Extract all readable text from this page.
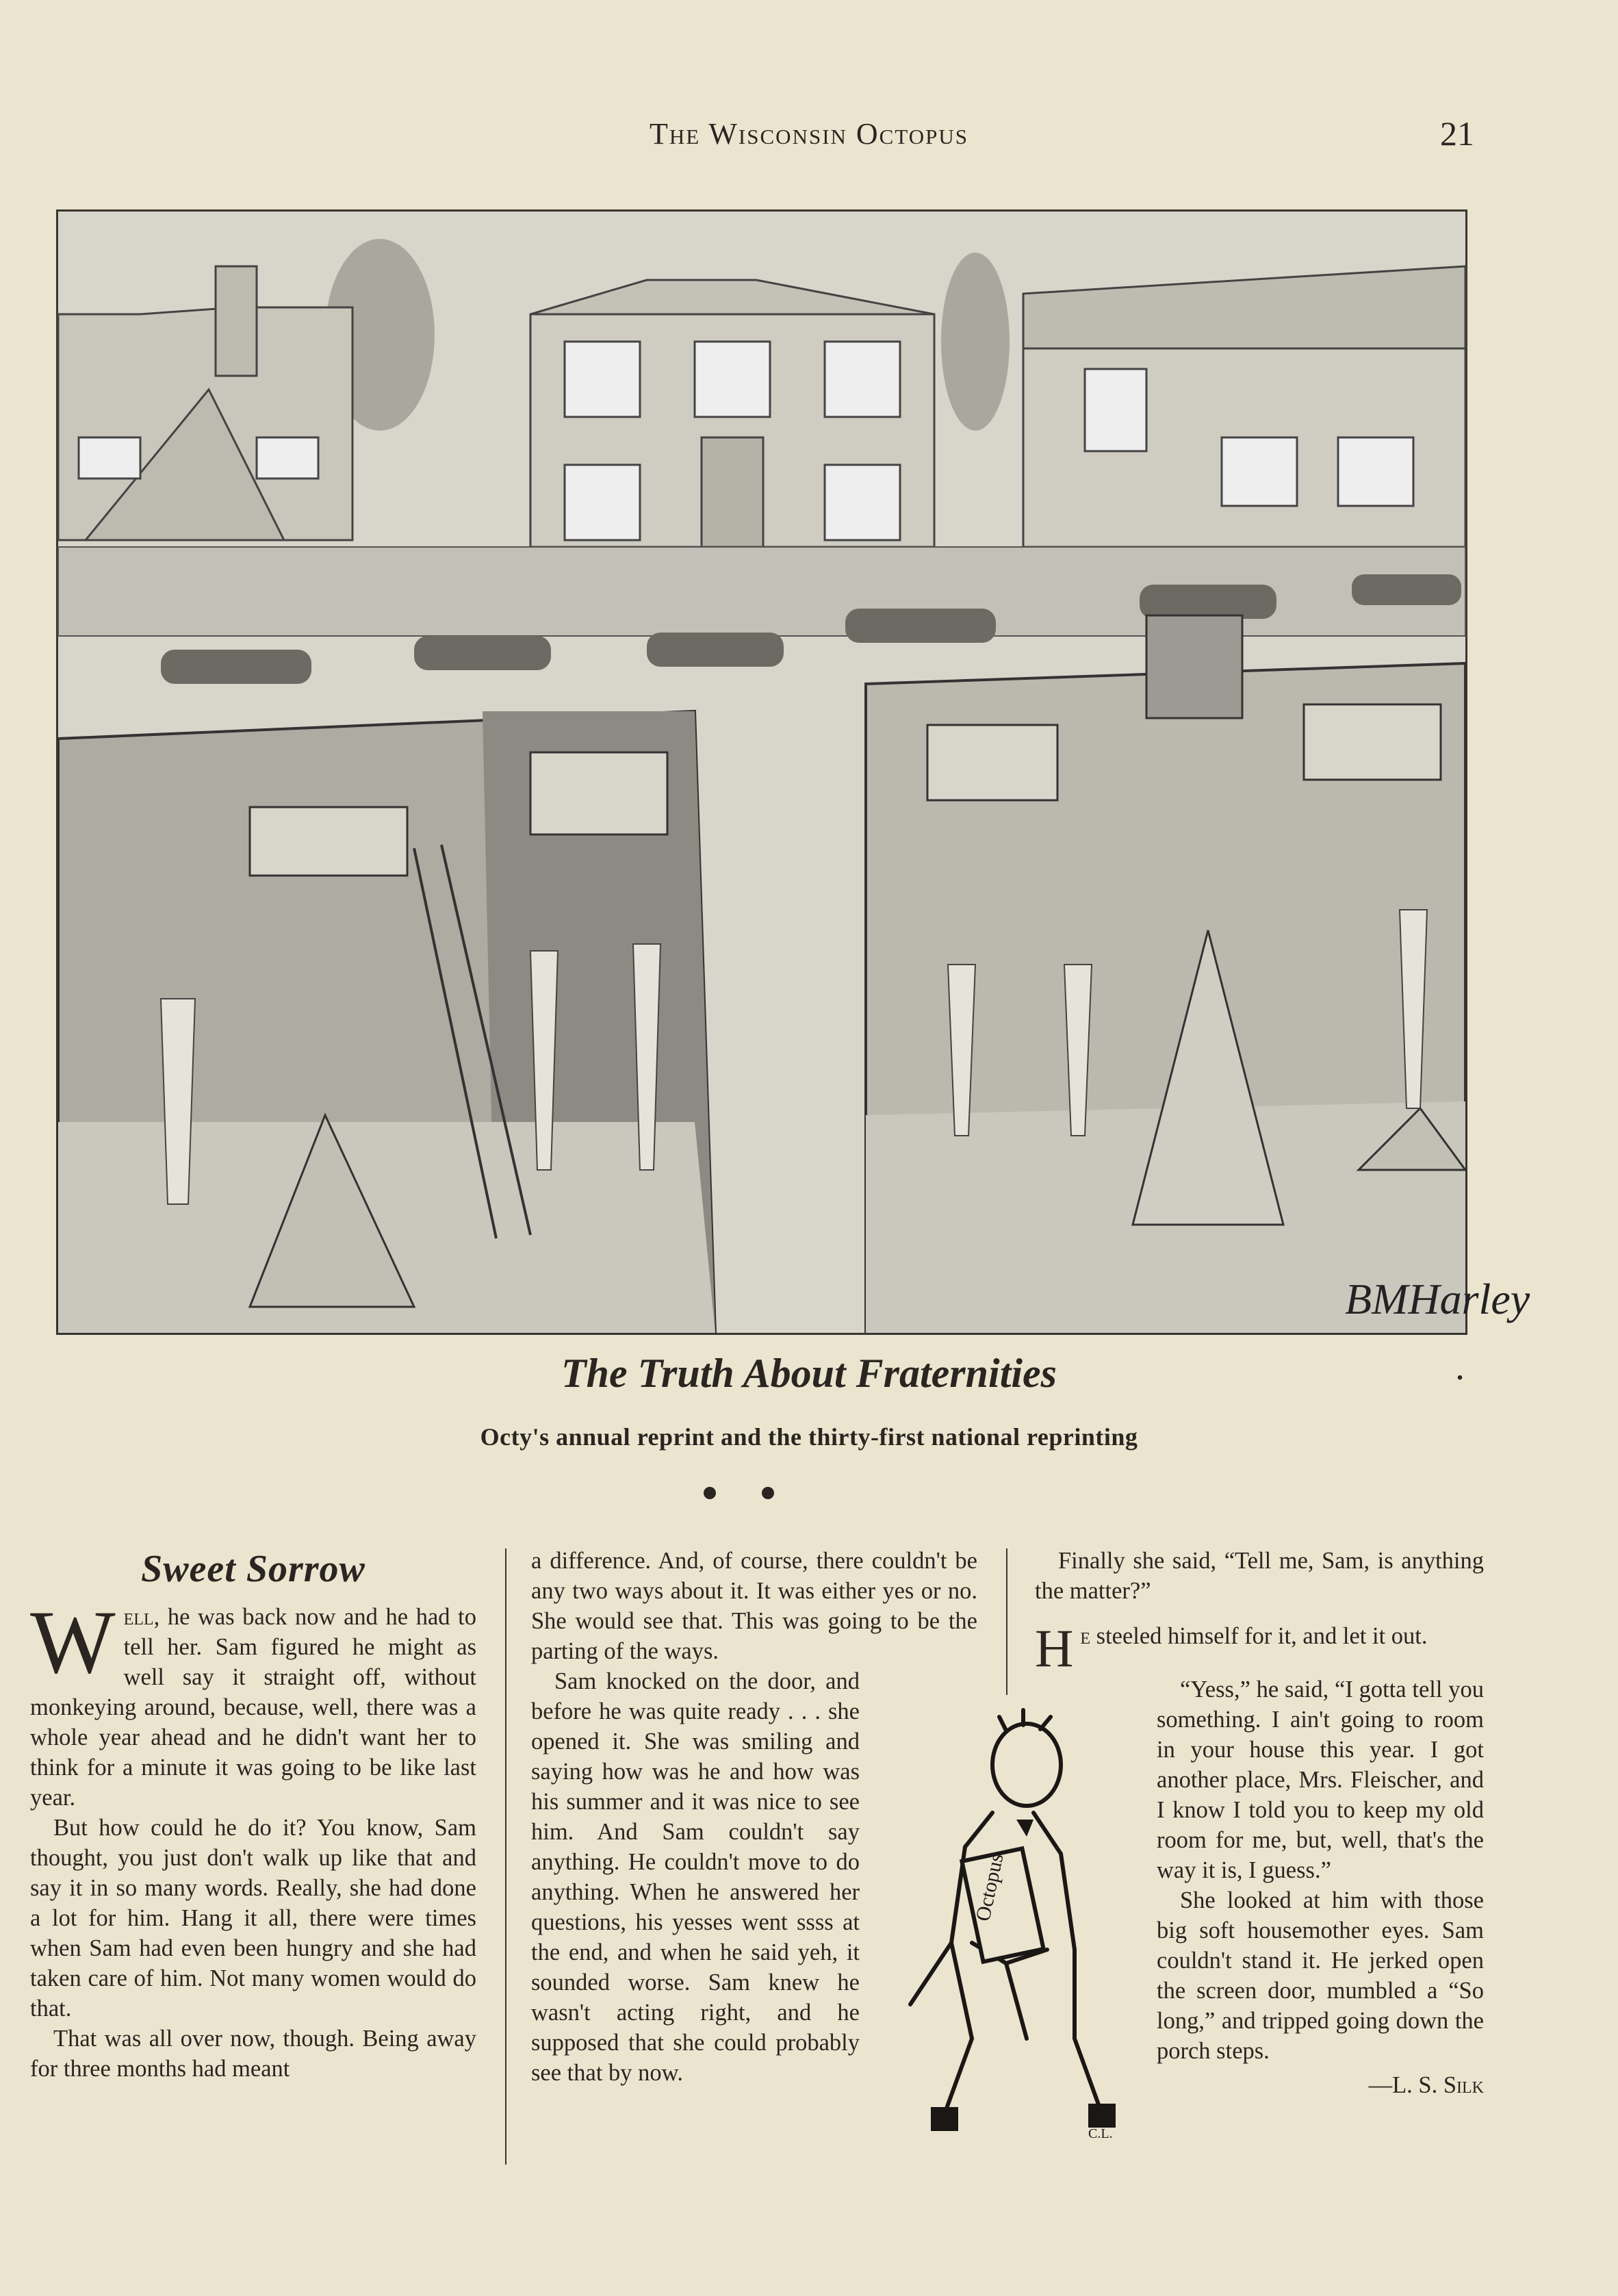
The Wisconsin Octopus	21
BMHarley
The Truth About Fraternities	.
Octy's annual reprint and the thirty-first national reprinting
Sweet Sorrow

Well, he was back now and he had to tell her. Sam figured he might as well say it straight off, without monkeying around, because, well, there was a whole year ahead and he didn't want her to think for a minute it was going to be like last year.

But how could he do it? You know, Sam thought, you just don't walk up like that and say it in so many words. Really, she had done a lot for him. Hang it all, there were times when Sam had even been hungry and she had taken care of him. Not many women would do that.

That was all over now, though. Being away for three months had meant

a difference. And, of course, there couldn't be any two ways about it. It was either yes or no. She would see that. This was going to be the parting of the ways.

Sam knocked on the door, and before he was quite ready . . . she opened it. She was smiling and saying how was he and how was his summer and it was nice to see him. And Sam couldn't say anything. He couldn't move to do anything. When he answered her questions, his yesses went ssss at the end, and when he said yeh, it sounded worse. Sam knew he wasn't acting right, and he supposed that she could probably see that by now.

Octopus
C.L.

Finally she said, “Tell me, Sam, is anything the matter?”

He steeled himself for it, and let it out.

“Yess,” he said, “I gotta tell you something. I ain't going to room in your house this year. I got another place, Mrs. Fleischer, and I know I told you to keep my old room for me, but, well, that's the way it is, I guess.”

She looked at him with those big soft housemother eyes. Sam couldn't stand it. He jerked open the screen door, mumbled a “So long,” and tripped going down the porch steps.

—L. S. Silk
